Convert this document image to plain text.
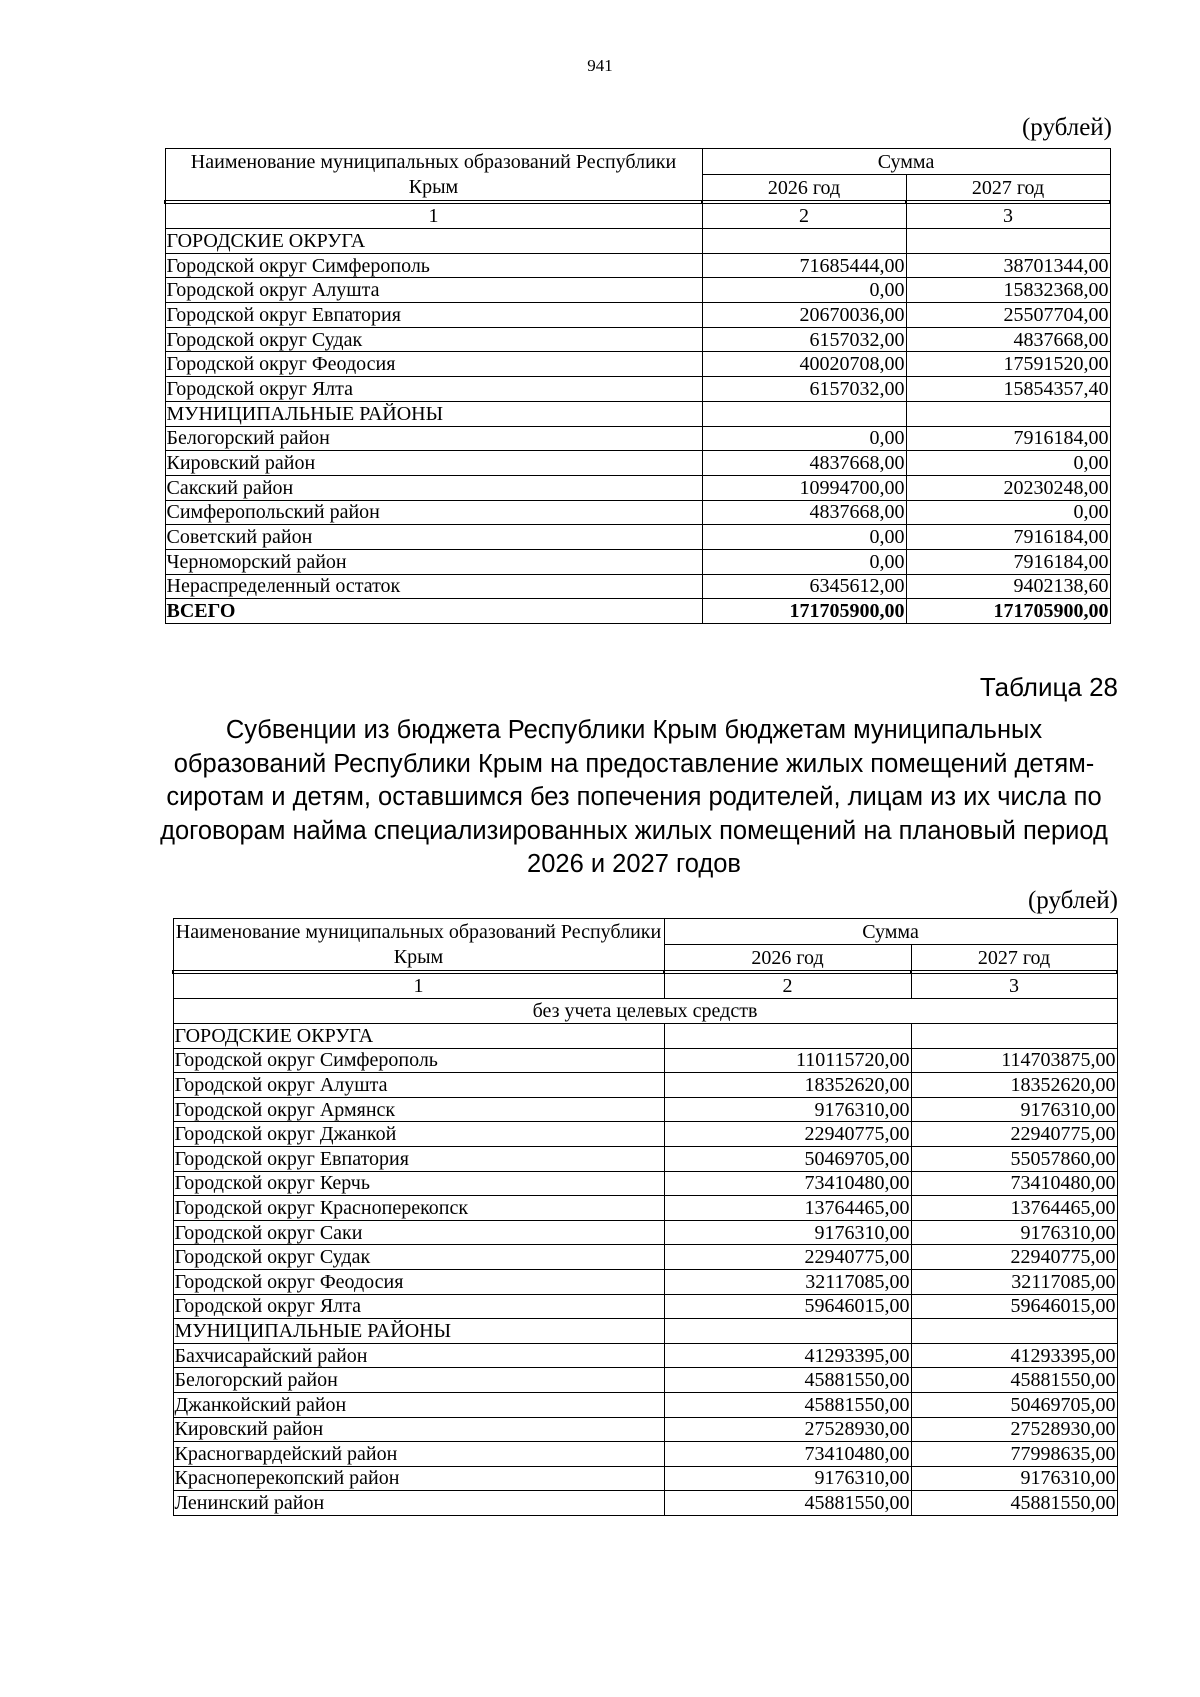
941
(рублей)
Наименование муниципальных образований Республики Крым	Сумма	
	2026 год	2027 год

1	2	3
ГОРОДСКИЕ ОКРУГА		
Городской округ Симферополь	71685444,00	38701344,00
Городской округ Алушта	0,00	15832368,00
Городской округ Евпатория	20670036,00	25507704,00
Городской округ Судак	6157032,00	4837668,00
Городской округ Феодосия	40020708,00	17591520,00
Городской округ Ялта	6157032,00	15854357,40
МУНИЦИПАЛЬНЫЕ РАЙОНЫ		
Белогорский район	0,00	7916184,00
Кировский район	4837668,00	0,00
Сакский район	10994700,00	20230248,00
Симферопольский район	4837668,00	0,00
Советский район	0,00	7916184,00
Черноморский район	0,00	7916184,00
Нераспределенный остаток	6345612,00	9402138,60
ВСЕГО	171705900,00	171705900,00
Таблица 28
Субвенции из бюджета Республики Крым бюджетам муниципальных образований Республики Крым на предоставление жилых помещений детям-сиротам и детям, оставшимся без попечения родителей, лицам из их числа по договорам найма специализированных жилых помещений на плановый период 2026 и 2027 годов
(рублей)
Наименование муниципальных образований Республики Крым	Сумма	
	2026 год	2027 год

1	2	3
без учета целевых средств		
ГОРОДСКИЕ ОКРУГА		
Городской округ Симферополь	110115720,00	114703875,00
Городской округ Алушта	18352620,00	18352620,00
Городской округ Армянск	9176310,00	9176310,00
Городской округ Джанкой	22940775,00	22940775,00
Городской округ Евпатория	50469705,00	55057860,00
Городской округ Керчь	73410480,00	73410480,00
Городской округ Красноперекопск	13764465,00	13764465,00
Городской округ Саки	9176310,00	9176310,00
Городской округ Судак	22940775,00	22940775,00
Городской округ Феодосия	32117085,00	32117085,00
Городской округ Ялта	59646015,00	59646015,00
МУНИЦИПАЛЬНЫЕ РАЙОНЫ		
Бахчисарайский район	41293395,00	41293395,00
Белогорский район	45881550,00	45881550,00
Джанкойский район	45881550,00	50469705,00
Кировский район	27528930,00	27528930,00
Красногвардейский район	73410480,00	77998635,00
Красноперекопский район	9176310,00	9176310,00
Ленинский район	45881550,00	45881550,00
